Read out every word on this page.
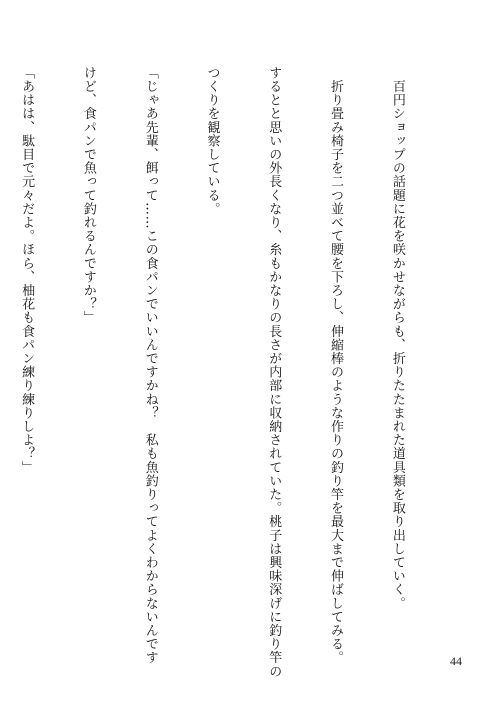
　百円ショップの話題に花を咲かせながらも、折りたたまれた道具類を取り出していく。

　折り畳み椅子を二つ並べて腰を下ろし、伸縮棒のような作りの釣り竿を最大まで伸ばしてみる。

するとと思いの外長くなり、糸もかなりの長さが内部に収納されていた。桃子は興味深げに釣り竿の

つくりを観察している。

「じゃあ先輩、餌って……この食パンでいいんですかね？　私も魚釣りってよくわからないんです

けど、食パンで魚って釣れるんですか？」

「あはは、駄目で元々だよ。ほら、柚花も食パン練り練りしよ？」

44
